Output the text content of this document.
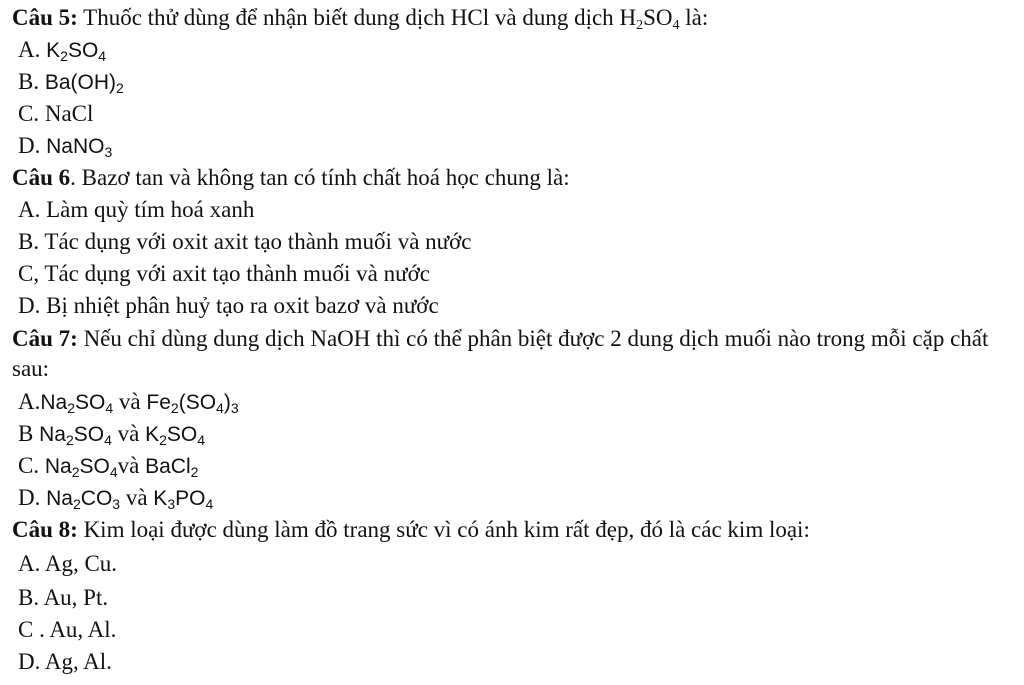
Câu 5: Thuốc thử dùng để nhận biết dung dịch HCl và dung dịch $H_2SO_4$ là:
A. $K_2SO_4$
B. $Ba(OH)_2$
C. NaCl
D. NaNO$_3$
Câu 6. Bazơ tan và không tan có tính chất hoá học chung là:
A. Làm quỳ tím hoá xanh
B. Tác dụng với oxit axit tạo thành muối và nước
C, Tác dụng với axit tạo thành muối và nước
D. Bị nhiệt phân huỷ tạo ra oxit bazơ và nước
Câu 7: Nếu chỉ dùng dung dịch NaOH thì có thể phân biệt được 2 dung dịch muối nào trong mỗi cặp chất sau:
$A.Na_2SO_4$ và $Fe_2(SO_4)_3$
B $Na_2SO_4$ và $K_2SO_4$
C. $Na_2SO_4và$ BaCl$_2$
D. $Na_2CO_3$ và $K_3PO_4$
Câu 8: Kim loại được dùng làm đồ trang sức vì có ánh kim rất đẹp, đó là các kim loại:
A. Ag, Cu.
B. Au, Pt.
C . Au, Al.
D. Ag, Al.
